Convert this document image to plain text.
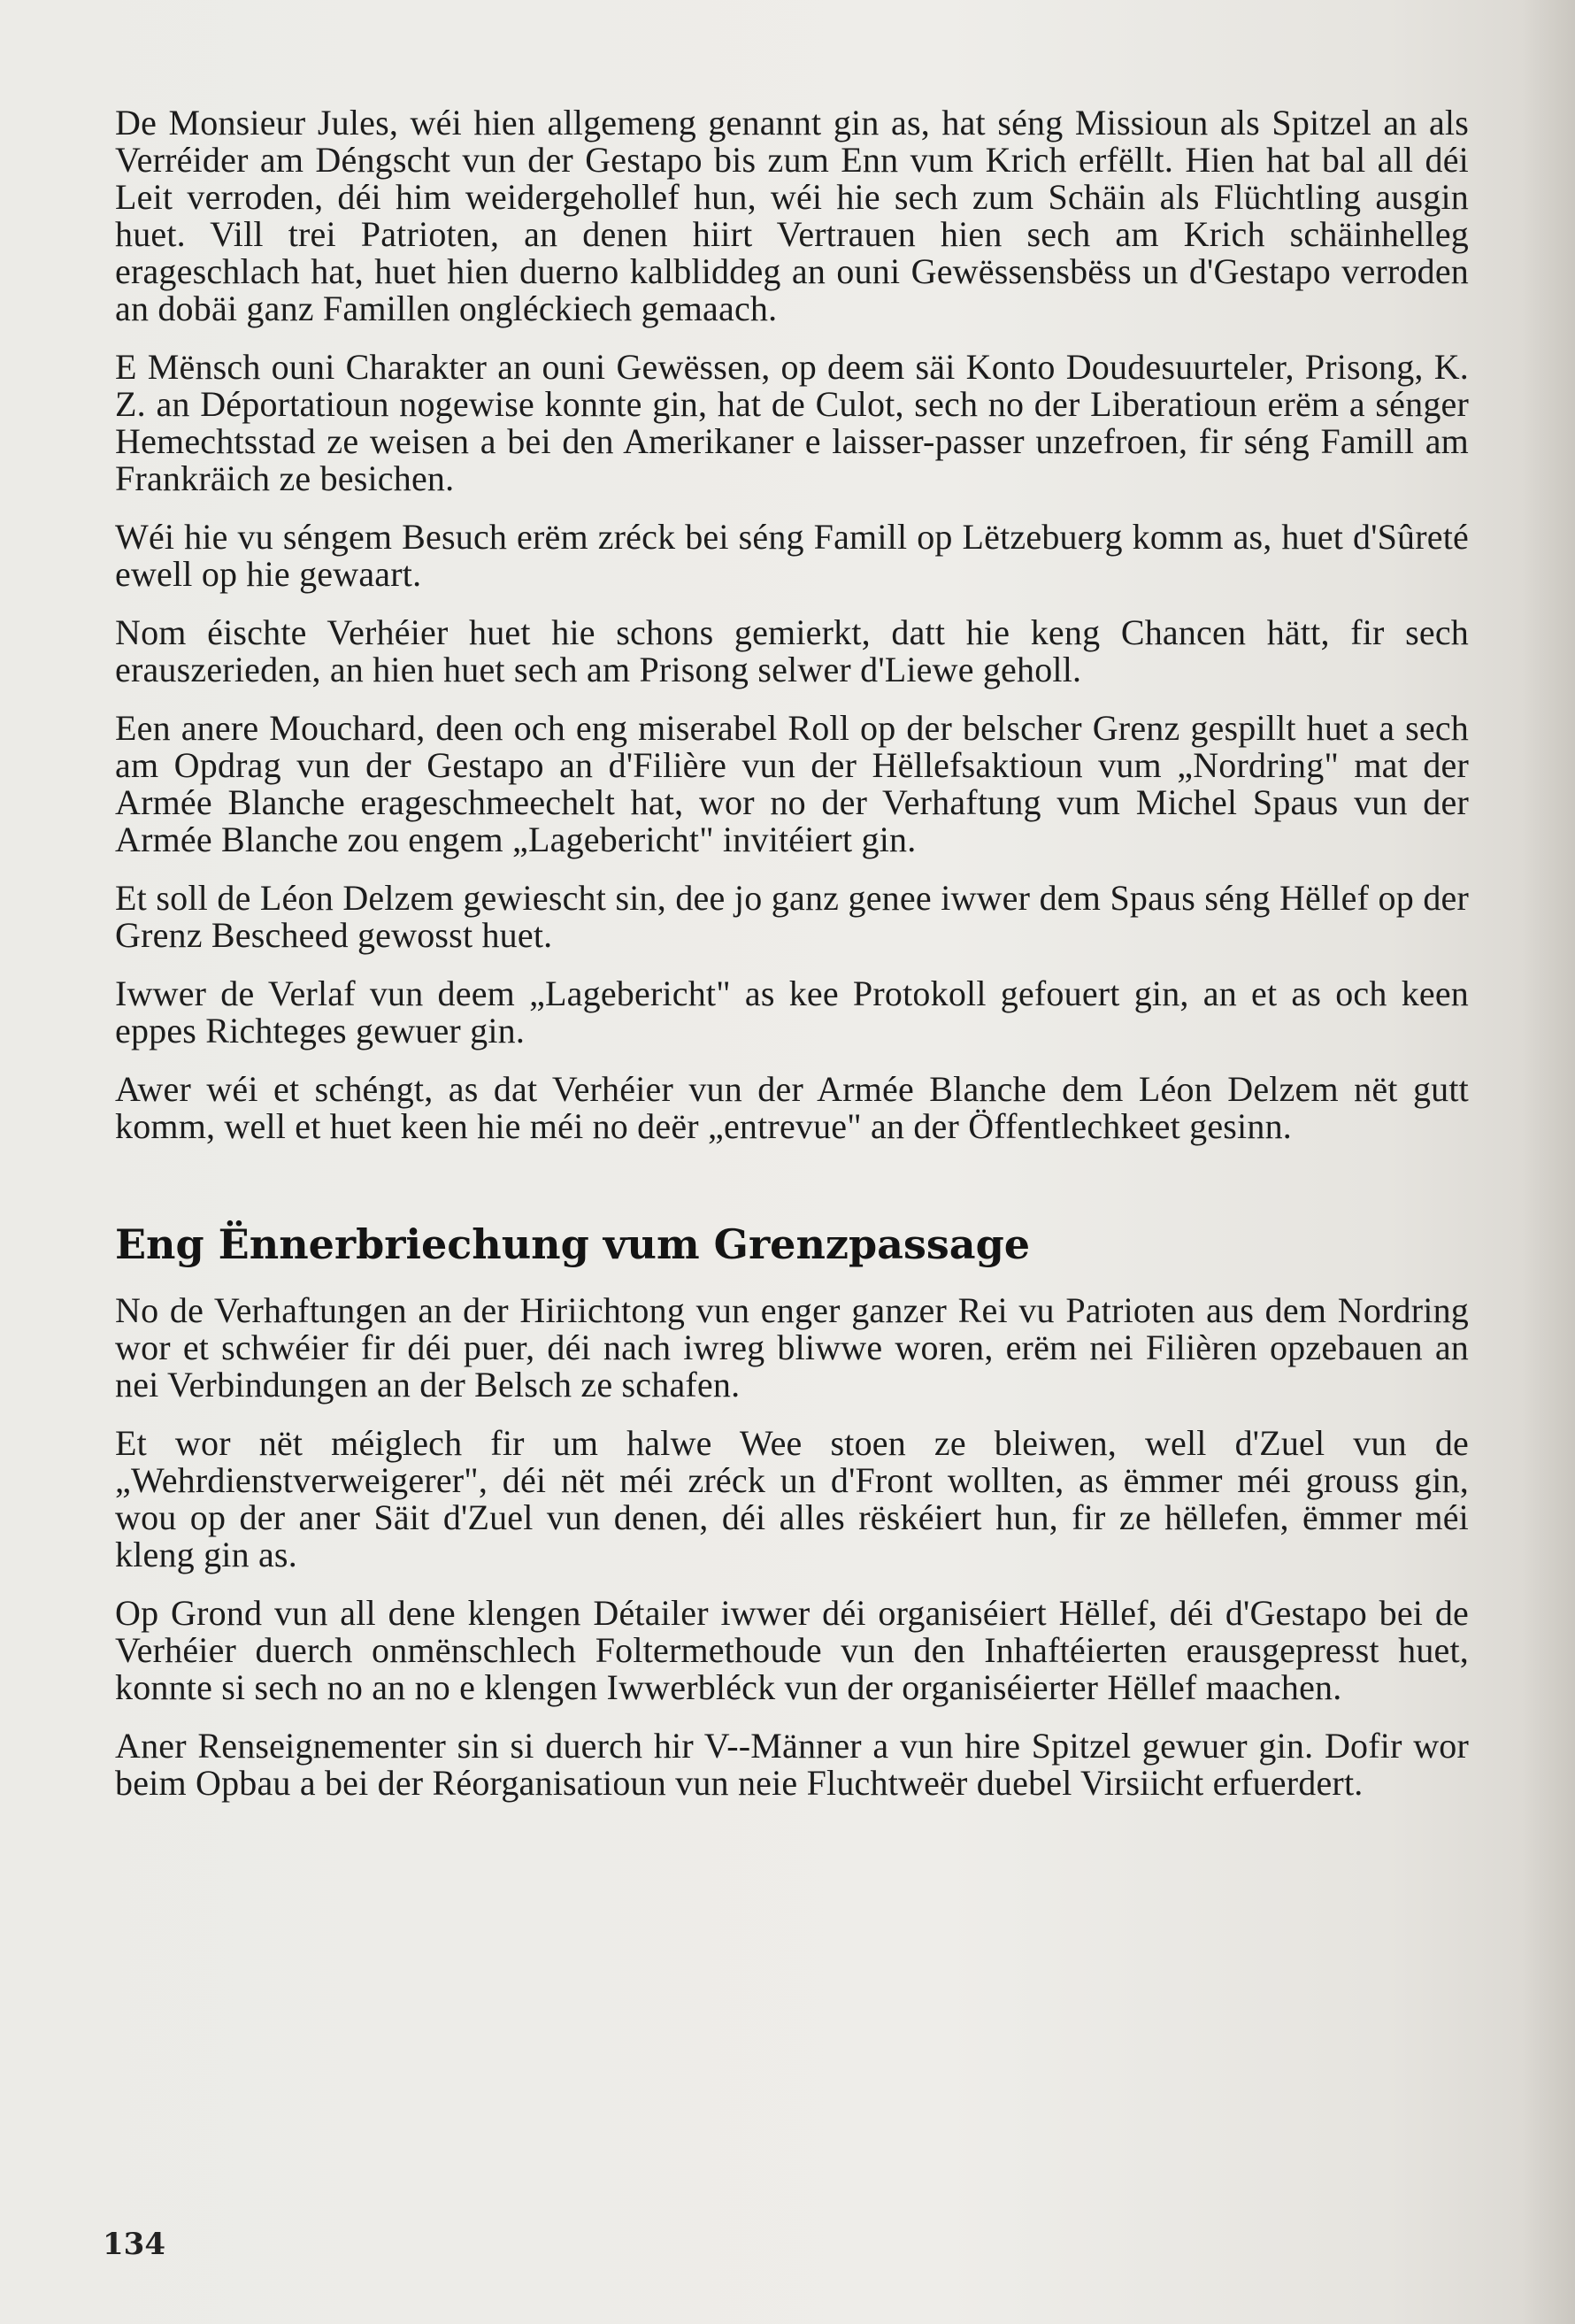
De Monsieur Jules, wéi hien allgemeng genannt gin as, hat séng Missioun als Spitzel an als Verréider am Déngscht vun der Gestapo bis zum Enn vum Krich erfëllt. Hien hat bal all déi Leit verroden, déi him weidergehollef hun, wéi hie sech zum Schäin als Flüchtling ausgin huet. Vill trei Patrioten, an denen hiirt Vertrauen hien sech am Krich schäinhelleg erageschlach hat, huet hien duerno kalbliddeg an ouni Gewëssensbëss un d'Gestapo verroden an dobäi ganz Famillen ongléckiech gemaach.

E Mënsch ouni Charakter an ouni Gewëssen, op deem säi Konto Doudesuurteler, Prisong, K. Z. an Déportatioun nogewise konnte gin, hat de Culot, sech no der Liberatioun erëm a sénger Hemechtsstad ze weisen a bei den Amerikaner e laisser-passer unzefroen, fir séng Famill am Frankräich ze besichen.

Wéi hie vu séngem Besuch erëm zréck bei séng Famill op Lëtzebuerg komm as, huet d'Sûreté ewell op hie gewaart.

Nom éischte Verhéier huet hie schons gemierkt, datt hie keng Chancen hätt, fir sech erauszerieden, an hien huet sech am Prisong selwer d'Liewe geholl.

Een anere Mouchard, deen och eng miserabel Roll op der belscher Grenz gespillt huet a sech am Opdrag vun der Gestapo an d'Filière vun der Hëllefsaktioun vum „Nordring" mat der Armée Blanche erageschmeechelt hat, wor no der Verhaftung vum Michel Spaus vun der Armée Blanche zou engem „Lagebericht" invitéiert gin.

Et soll de Léon Delzem gewiescht sin, dee jo ganz genee iwwer dem Spaus séng Hëllef op der Grenz Bescheed gewosst huet.

Iwwer de Verlaf vun deem „Lagebericht" as kee Protokoll gefouert gin, an et as och keen eppes Richteges gewuer gin.

Awer wéi et schéngt, as dat Verhéier vun der Armée Blanche dem Léon Delzem nët gutt komm, well et huet keen hie méi no deër „entrevue" an der Öffentlechkeet gesinn.

Eng Ënnerbriechung vum Grenzpassage

No de Verhaftungen an der Hiriichtong vun enger ganzer Rei vu Patrioten aus dem Nordring wor et schwéier fir déi puer, déi nach iwreg bliwwe woren, erëm nei Filièren opzebauen an nei Verbindungen an der Belsch ze schafen.

Et wor nët méiglech fir um halwe Wee stoen ze bleiwen, well d'Zuel vun de „Wehrdienstverweigerer", déi nët méi zréck un d'Front wollten, as ëmmer méi grouss gin, wou op der aner Säit d'Zuel vun denen, déi alles rëskéiert hun, fir ze hëllefen, ëmmer méi kleng gin as.

Op Grond vun all dene klengen Détailer iwwer déi organiséiert Hëllef, déi d'Gestapo bei de Verhéier duerch onmënschlech Foltermethoude vun den Inhaftéierten erausgepresst huet, konnte si sech no an no e klengen Iwwerbléck vun der organiséierter Hëllef maachen.

Aner Renseignementer sin si duerch hir V--Männer a vun hire Spitzel gewuer gin. Dofir wor beim Opbau a bei der Réorganisatioun vun neie Fluchtweër duebel Virsiicht erfuerdert.

134
